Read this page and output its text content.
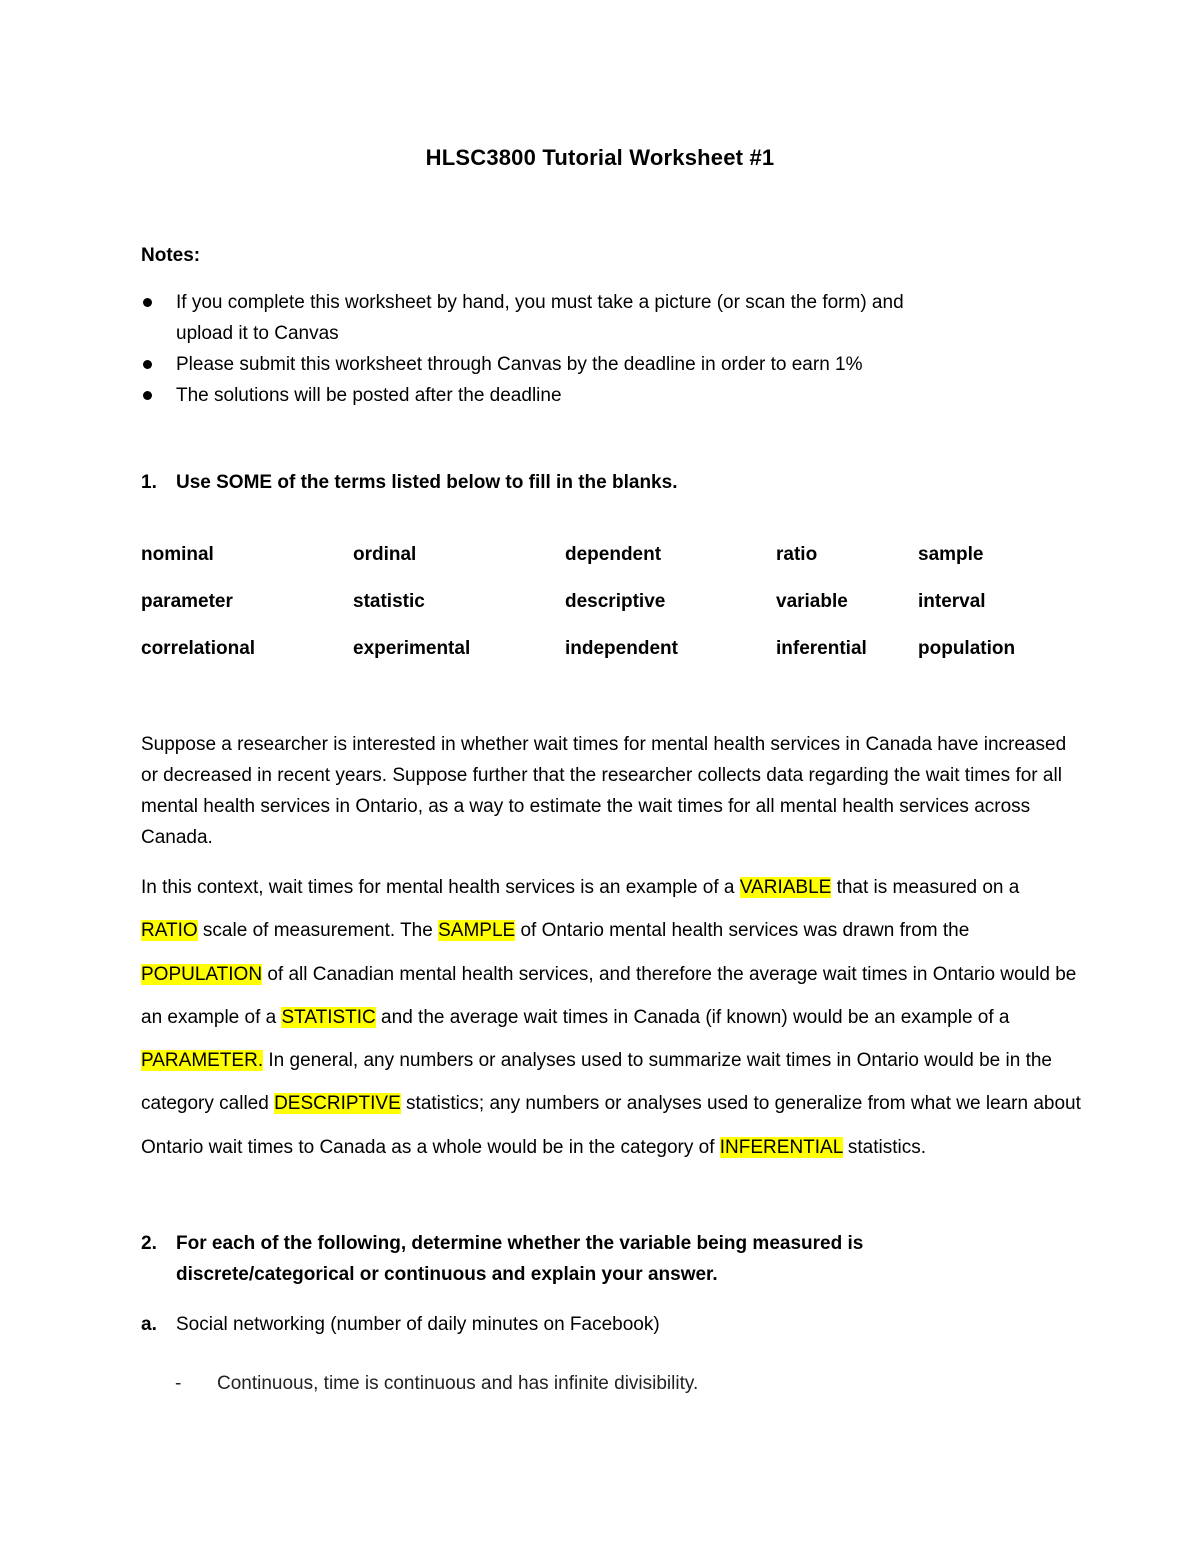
HLSC3800 Tutorial Worksheet #1
Notes:
If you complete this worksheet by hand, you must take a picture (or scan the form) and
upload it to Canvas
Please submit this worksheet through Canvas by the deadline in order to earn 1%
The solutions will be posted after the deadline
1. Use SOME of the terms listed below to fill in the blanks.
nominal	ordinal	dependent	ratio	sample
parameter	statistic	descriptive	variable	interval
correlational	experimental	independent	inferential	population
Suppose a researcher is interested in whether wait times for mental health services in Canada have increased or decreased in recent years. Suppose further that the researcher collects data regarding the wait times for all mental health services in Ontario, as a way to estimate the wait times for all mental health services across Canada.
In this context, wait times for mental health services is an example of a VARIABLE that is measured on a RATIO scale of measurement. The SAMPLE of Ontario mental health services was drawn from the POPULATION of all Canadian mental health services, and therefore the average wait times in Ontario would be an example of a STATISTIC and the average wait times in Canada (if known) would be an example of a PARAMETER. In general, any numbers or analyses used to summarize wait times in Ontario would be in the category called DESCRIPTIVE statistics; any numbers or analyses used to generalize from what we learn about Ontario wait times to Canada as a whole would be in the category of INFERENTIAL statistics.
2. For each of the following, determine whether the variable being measured is
discrete/categorical or continuous and explain your answer.
a. Social networking (number of daily minutes on Facebook)
- Continuous, time is continuous and has infinite divisibility.
